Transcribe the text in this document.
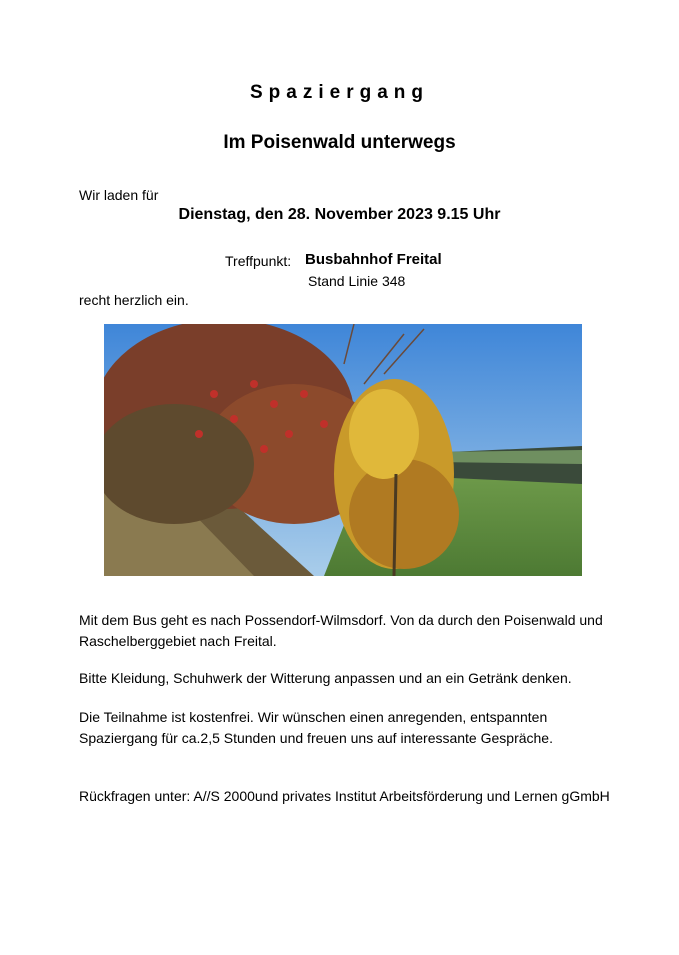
Spaziergang
Im Poisenwald unterwegs
Wir laden für
Dienstag, den 28. November 2023 9.15 Uhr
Treffpunkt: Busbahnhof Freital
Stand Linie 348
recht herzlich ein.
Mit dem Bus geht es nach Possendorf-Wilmsdorf. Von da durch den Poisenwald und Raschelberggebiet nach Freital.
Bitte Kleidung, Schuhwerk der Witterung anpassen und an ein Getränk denken.
Die Teilnahme ist kostenfrei. Wir wünschen einen anregenden, entspannten Spaziergang für ca.2,5 Stunden und freuen uns auf interessante Gespräche.
Rückfragen unter: A//S 2000und privates Institut Arbeitsförderung und Lernen gGmbH
